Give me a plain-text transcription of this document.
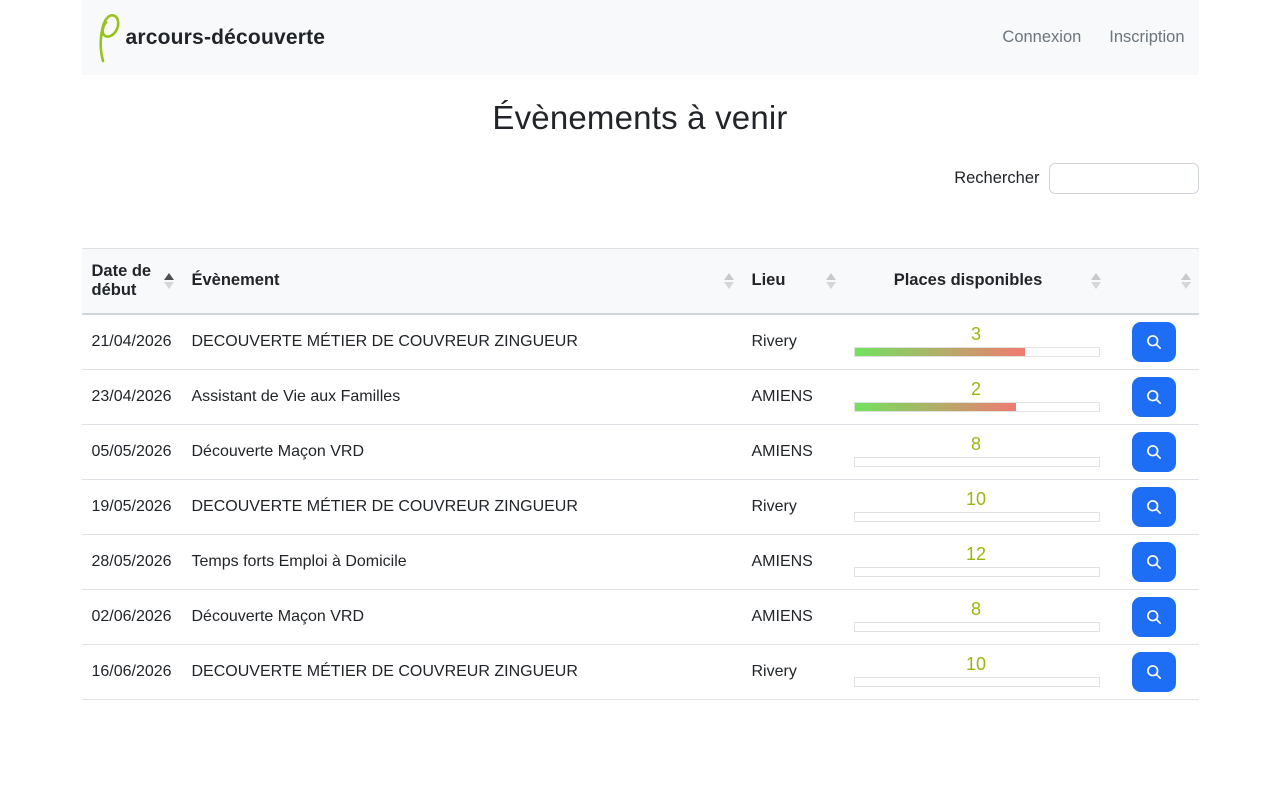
arcours-découverte	Connexion Inscription
Évènements à venir
Rechercher
Date de début	Évènement	Lieu	Places disponibles

21/04/2026	DECOUVERTE MÉTIER DE COUVREUR ZINGUEUR	Rivery	3

23/04/2026	Assistant de Vie aux Familles	AMIENS	2

05/05/2026	Découverte Maçon VRD	AMIENS	8

19/05/2026	DECOUVERTE MÉTIER DE COUVREUR ZINGUEUR	Rivery	10

28/05/2026	Temps forts Emploi à Domicile	AMIENS	12

02/06/2026	Découverte Maçon VRD	AMIENS	8

16/06/2026	DECOUVERTE MÉTIER DE COUVREUR ZINGUEUR	Rivery	10
